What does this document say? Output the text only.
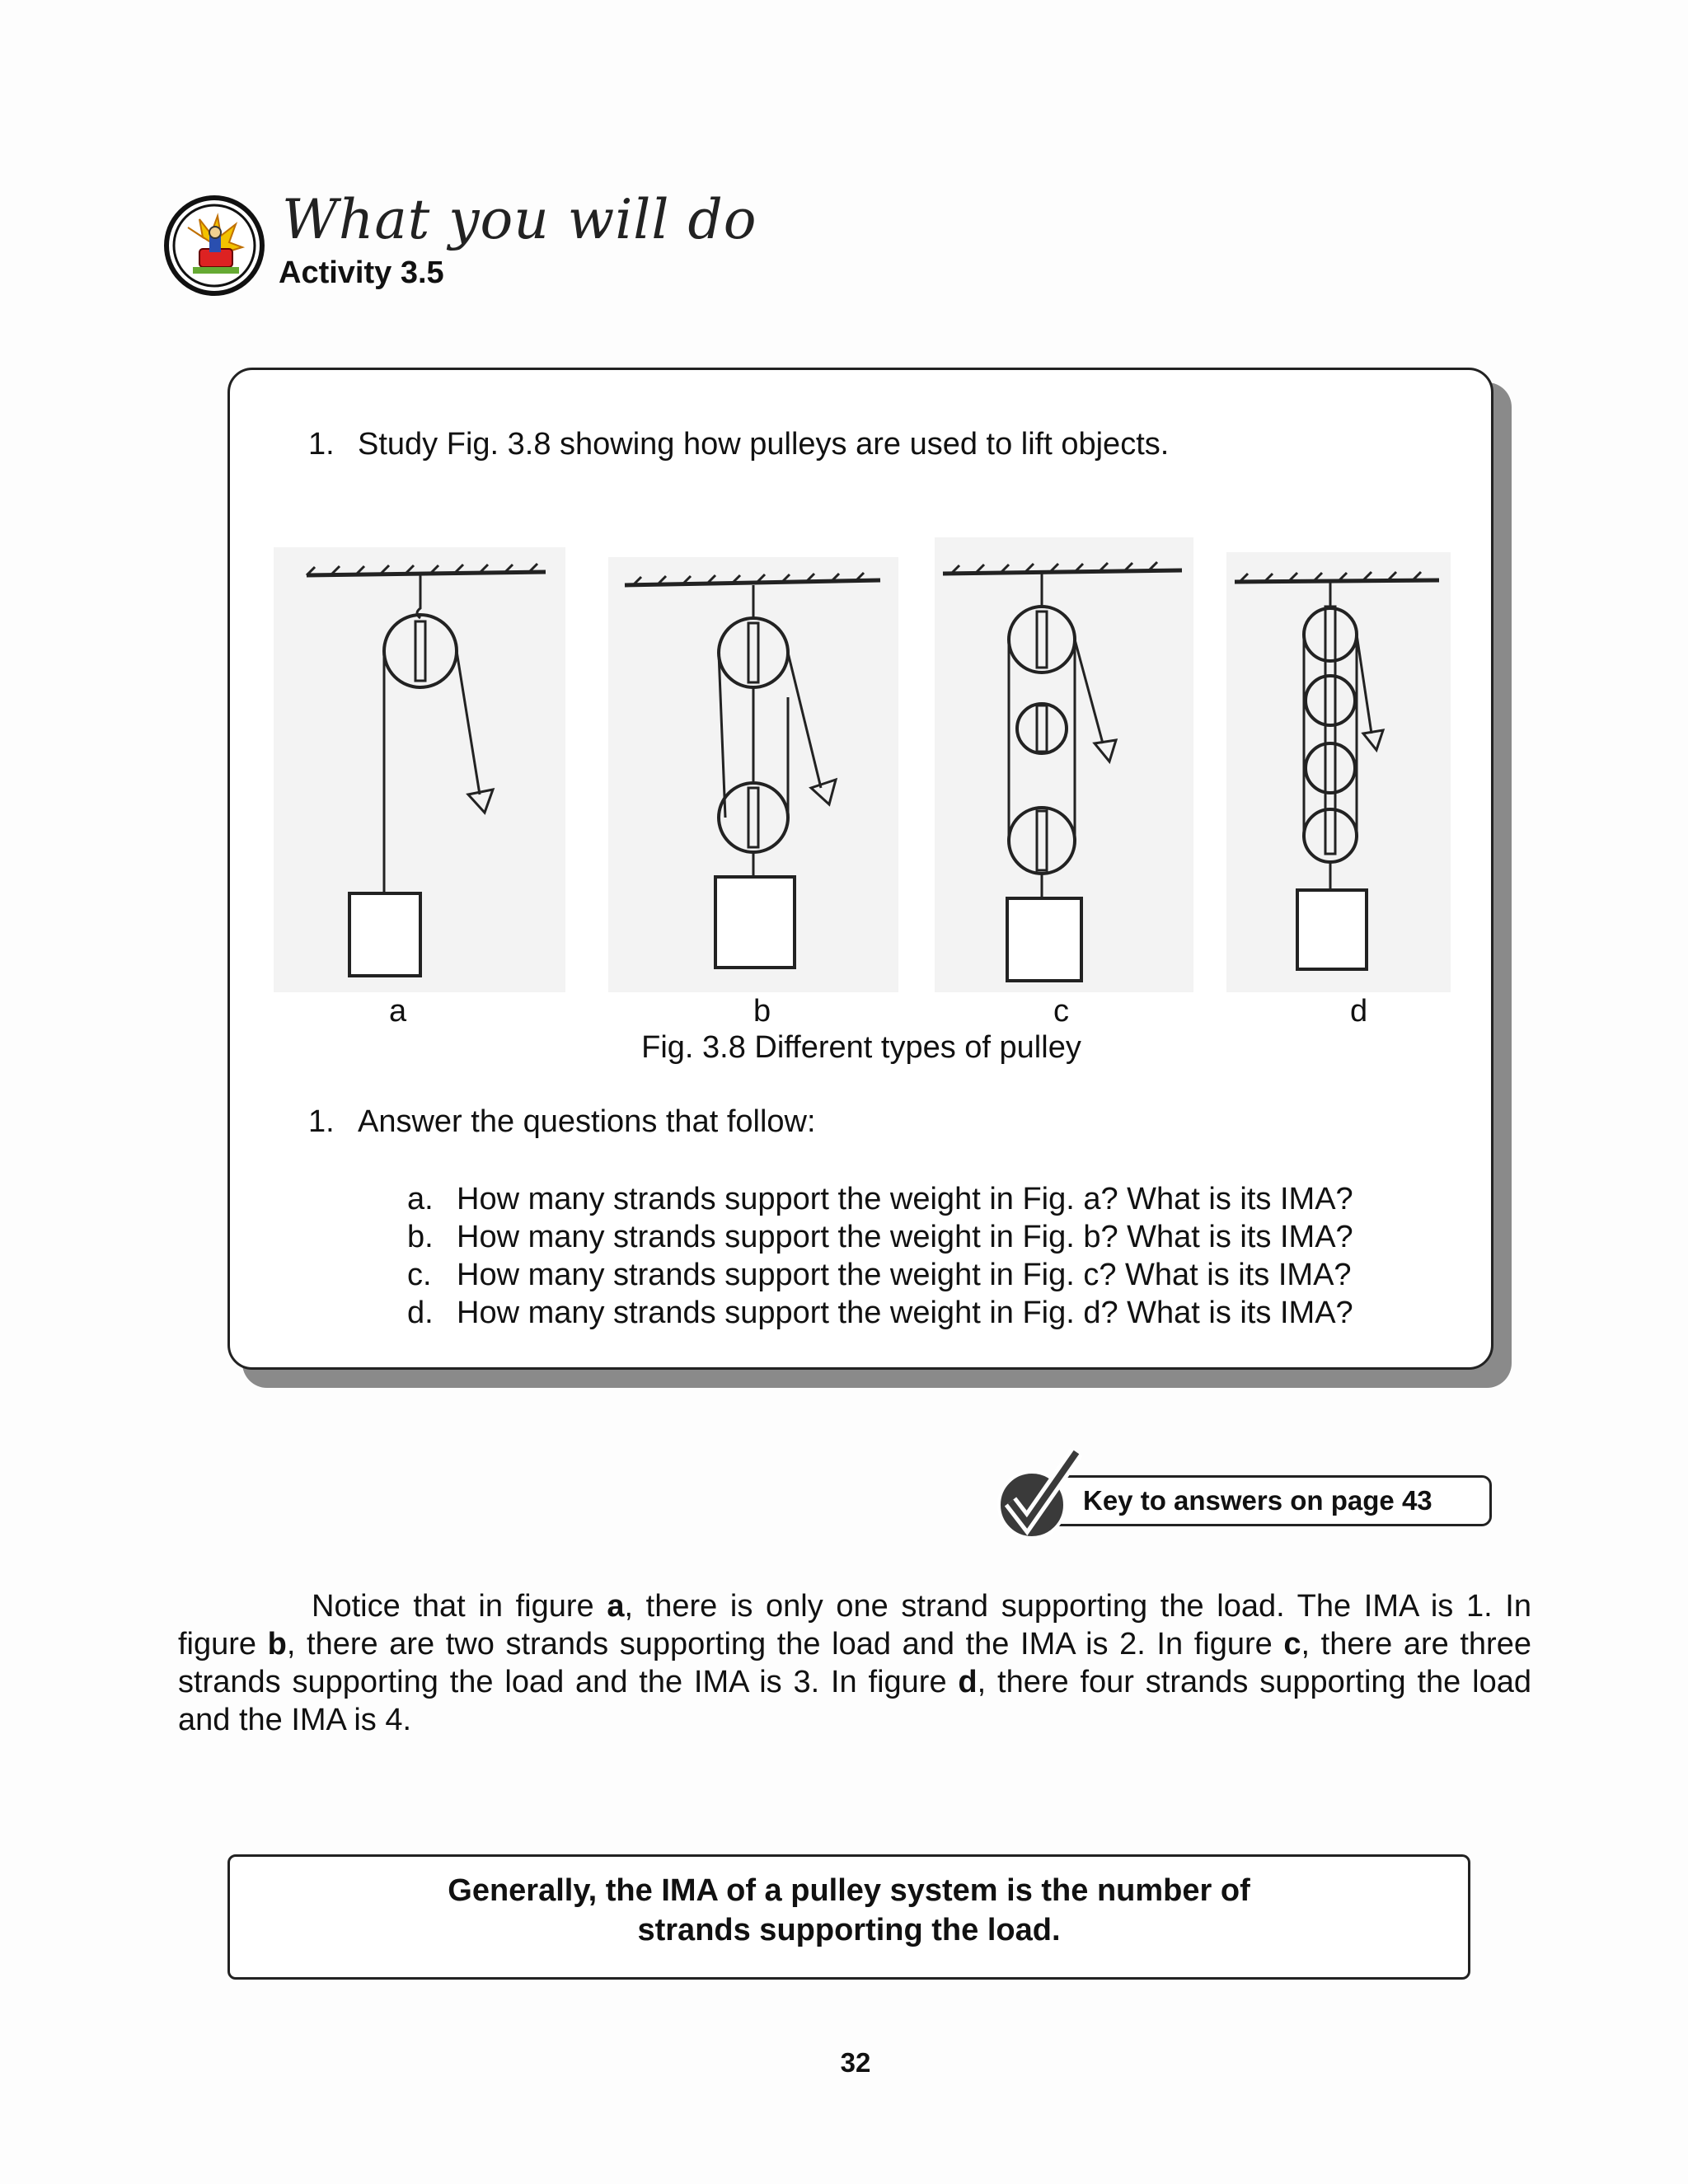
What you will do
Activity 3.5
1. Study Fig. 3.8 showing how pulleys are used to lift objects.
a	b	c	d
Fig. 3.8 Different types of pulley
1. Answer the questions that follow:
a. How many strands support the weight in Fig. a? What is its IMA?
b. How many strands support the weight in Fig. b? What is its IMA?
c. How many strands support the weight in Fig. c? What is its IMA?
d. How many strands support the weight in Fig. d? What is its IMA?
Key to answers on page 43
Notice that in figure a, there is only one strand supporting the load. The IMA is 1. In figure b, there are two strands supporting the load and the IMA is 2. In figure c, there are three strands supporting the load and the IMA is 3. In figure d, there four strands supporting the load and the IMA is 4.
Generally, the IMA of a pulley system is the number of
strands supporting the load.
32
